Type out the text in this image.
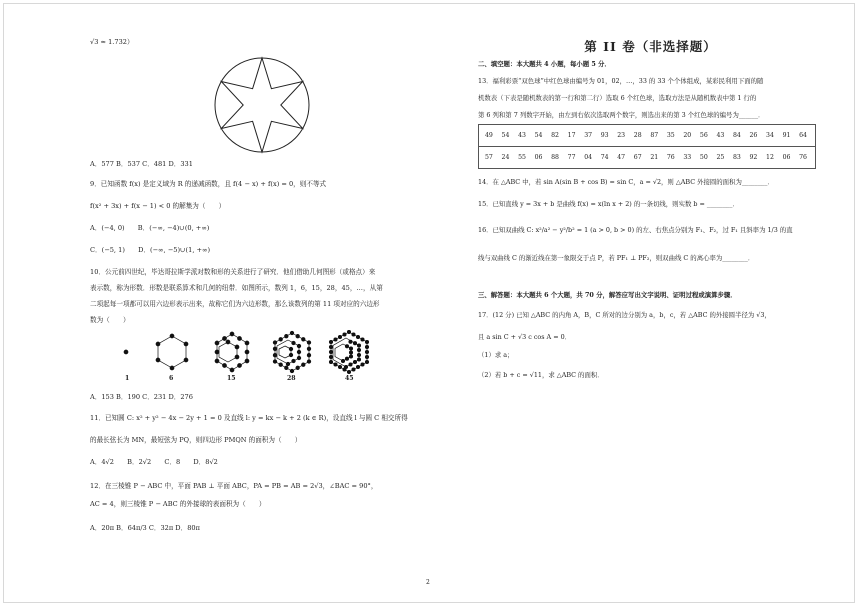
√3 ≈ 1.732）
A．577 B．537 C．481 D．331
9．已知函数 f(x) 是定义域为 R 的递减函数，且 f(4 − x) + f(x) = 0，则不等式
f(x² + 3x) + f(x − 1) < 0 的解集为（　　）
A．(−4, 0)　　B．(−∞, −4)∪(0, +∞)
C．(−5, 1)　　D．(−∞, −5)∪(1, +∞)
10．公元前四世纪，毕达哥拉斯学派对数和形的关系进行了研究．他们借助几何图形（或格点）来
表示数，称为形数．形数是联系算术和几何的纽带．如图所示，数列 1，6，15，28，45，…，从第
二项起每一项都可以用六边形表示出来，故称它们为六边形数，那么该数列的第 11 项对应的六边形
数为（　　）
1	6	15	28	45
A．153 B．190 C．231 D．276
11．已知圆 C: x² + y² − 4x − 2y + 1 = 0 及直线 l: y = kx − k + 2 (k ∈ R)，设直线 l 与圆 C 相交所得
的最长弦长为 MN，最短弦为 PQ，则四边形 PMQN 的面积为（　　）
A．4√2　　B．2√2　　C．8　　D．8√2
12．在三棱锥 P − ABC 中，平面 PAB ⊥ 平面 ABC，PA = PB = AB = 2√3，∠BAC = 90°，
AC = 4，则三棱锥 P − ABC 的外接球的表面积为（　　）
A．20π B．64π/3 C．32π D．80π
第 II 卷（非选择题）
二、填空题：本大题共 4 小题，每小题 5 分．
13．福利彩票“双色球”中红色球由编号为 01，02，…，33 的 33 个个体组成，某彩民利用下面的随
机数表（下表是随机数表的第一行和第二行）选取 6 个红色球，选取方法是从随机数表中第 1 行的
第 6 列和第 7 列数字开始，由左到右依次选取两个数字，则选出来的第 3 个红色球的编号为______．
49 54 43 54 82 17 37 93 23 28 87 35 20 56 43 84 26 34 91 64

57 24 55 06 88 77 04 74 47 67 21 76 33 50 25 83 92 12 06 76
14．在 △ABC 中，若 sin A(sin B + cos B) = sin C，a = √2，则 △ABC 外接圆的面积为________．
15．已知直线 y = 3x + b 是曲线 f(x) = x(ln x + 2) 的一条切线，则实数 b = ________．
16．已知双曲线 C: x²/a² − y²/b² = 1 (a > 0, b > 0) 的左、右焦点分别为 F₁、F₂，过 F₁ 且斜率为 1/3 的直
线与双曲线 C 的渐近线在第一象限交于点 P，若 PF₁ ⊥ PF₂，则双曲线 C 的离心率为________．
三、解答题：本大题共 6 个大题，共 70 分，解答应写出文字说明、证明过程或演算步骤．
17．(12 分) 已知 △ABC 的内角 A，B，C 所对的边分别为 a，b，c，若 △ABC 的外接圆半径为 √3，
且 a sin C + √3 c cos A = 0．
（1）求 a；
（2）若 b + c = √11，求 △ABC 的面积．
2
